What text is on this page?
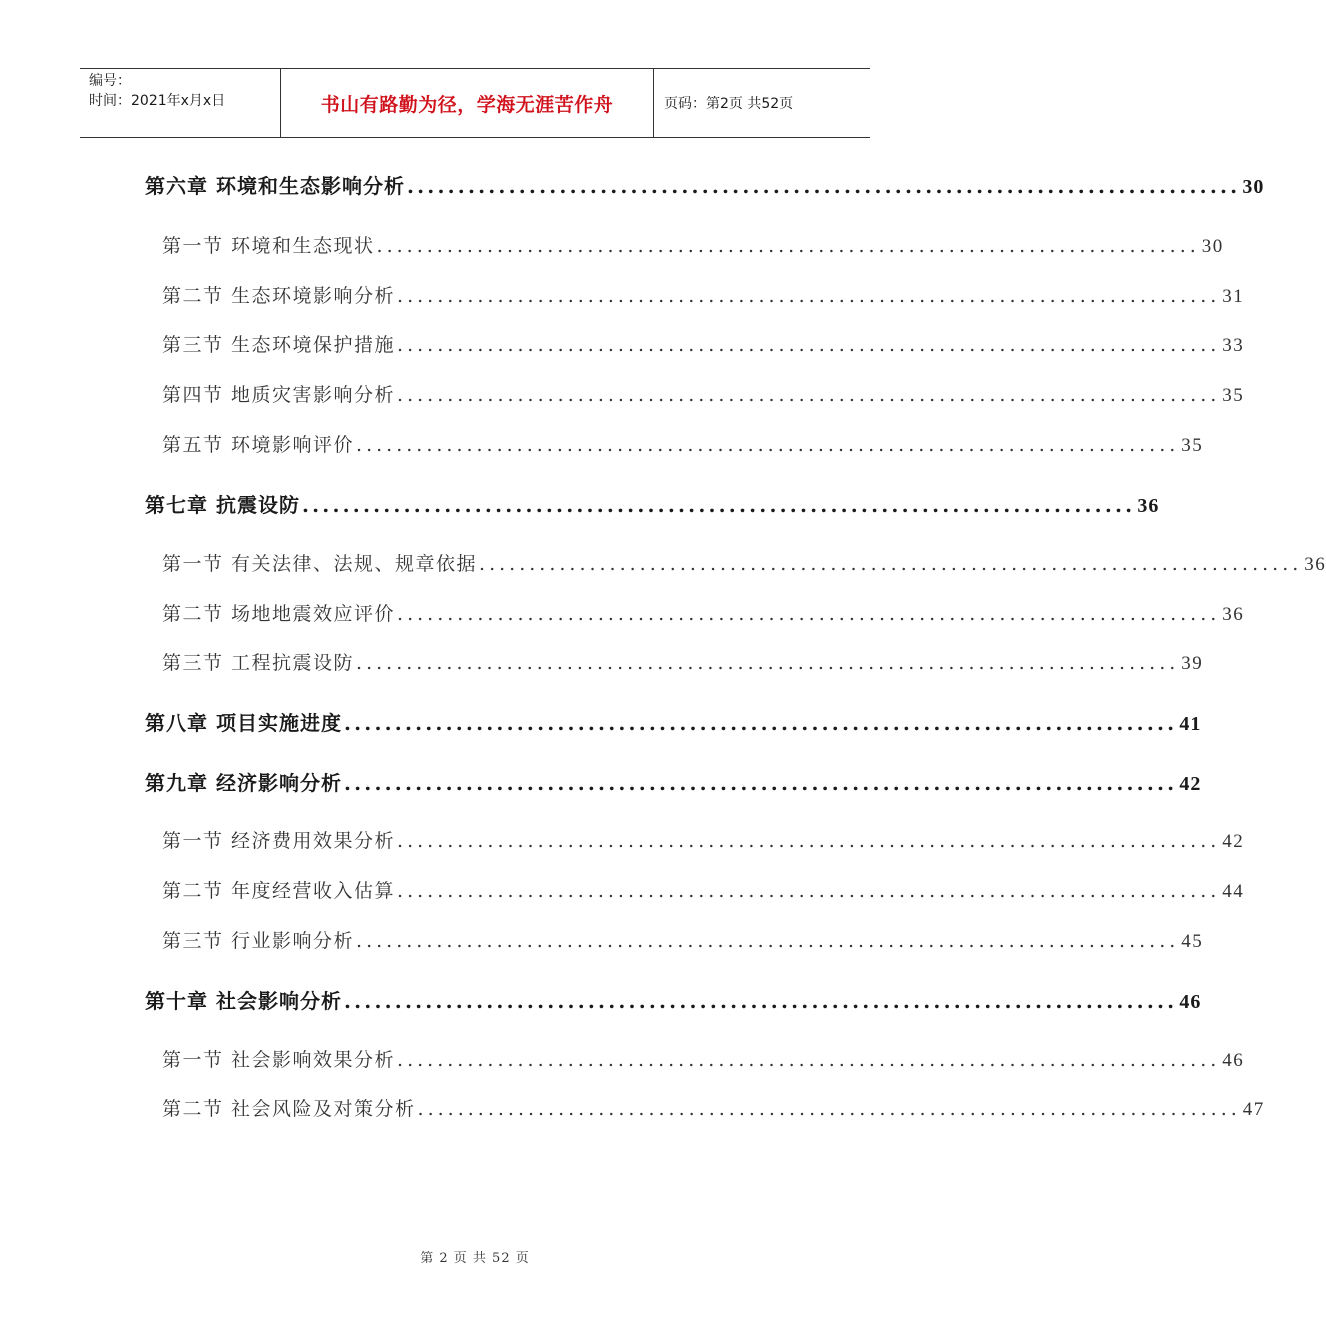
编号：
时间：2021年x月x日	书山有路勤为径，学海无涯苦作舟	页码：第2页 共52页
第六章 环境和生态影响分析 .................................................................................. 30
第一节 环境和生态现状 .................................................................................. 30
第二节 生态环境影响分析 .................................................................................. 31
第三节 生态环境保护措施 .................................................................................. 33
第四节 地质灾害影响分析 .................................................................................. 35
第五节 环境影响评价 .................................................................................. 35
第七章 抗震设防 .................................................................................. 36
第一节 有关法律、法规、规章依据 .................................................................................. 36
第二节 场地地震效应评价 .................................................................................. 36
第三节 工程抗震设防 .................................................................................. 39
第八章 项目实施进度 .................................................................................. 41
第九章 经济影响分析 .................................................................................. 42
第一节 经济费用效果分析 .................................................................................. 42
第二节 年度经营收入估算 .................................................................................. 44
第三节 行业影响分析 .................................................................................. 45
第十章 社会影响分析 .................................................................................. 46
第一节 社会影响效果分析 .................................................................................. 46
第二节 社会风险及对策分析 .................................................................................. 47
第 2 页 共 52 页
